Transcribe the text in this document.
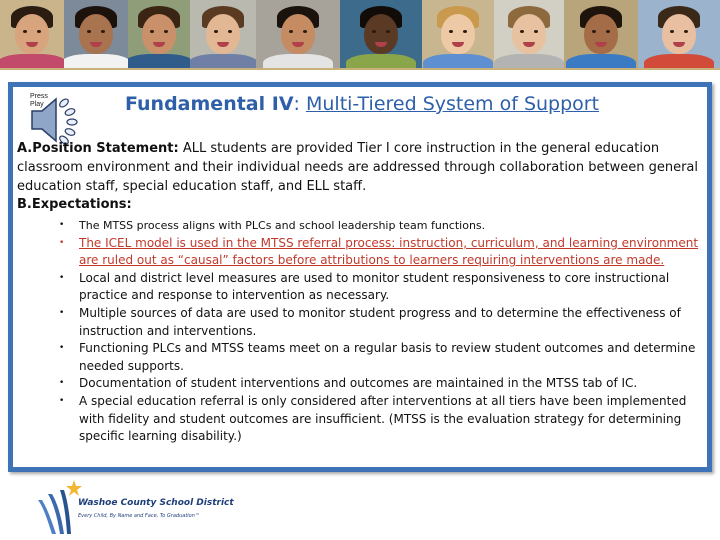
Press Play	Fundamental IV: Multi-Tiered System of Support
A.Position Statement: ALL students are provided Tier I core instruction in the general education classroom environment and their individual needs are addressed through collaboration between general education staff, special education staff, and ELL staff.
B.Expectations:
• The MTSS process aligns with PLCs and school leadership team functions.
• The ICEL model is used in the MTSS referral process: instruction, curriculum, and learning environment are ruled out as “causal” factors before attributions to learners requiring interventions are made.
• Local and district level measures are used to monitor student responsiveness to core instructional practice and response to intervention as necessary.
• Multiple sources of data are used to monitor student progress and to determine the effectiveness of instruction and interventions.
• Functioning PLCs and MTSS teams meet on a regular basis to review student outcomes and determine needed supports.
• Documentation of student interventions and outcomes are maintained in the MTSS tab of IC.
• A special education referral is only considered after interventions at all tiers have been implemented with fidelity and student outcomes are insufficient. (MTSS is the evaluation strategy for determining specific learning disability.)
Washoe County School District
Every Child, By Name and Face, To Graduation™
